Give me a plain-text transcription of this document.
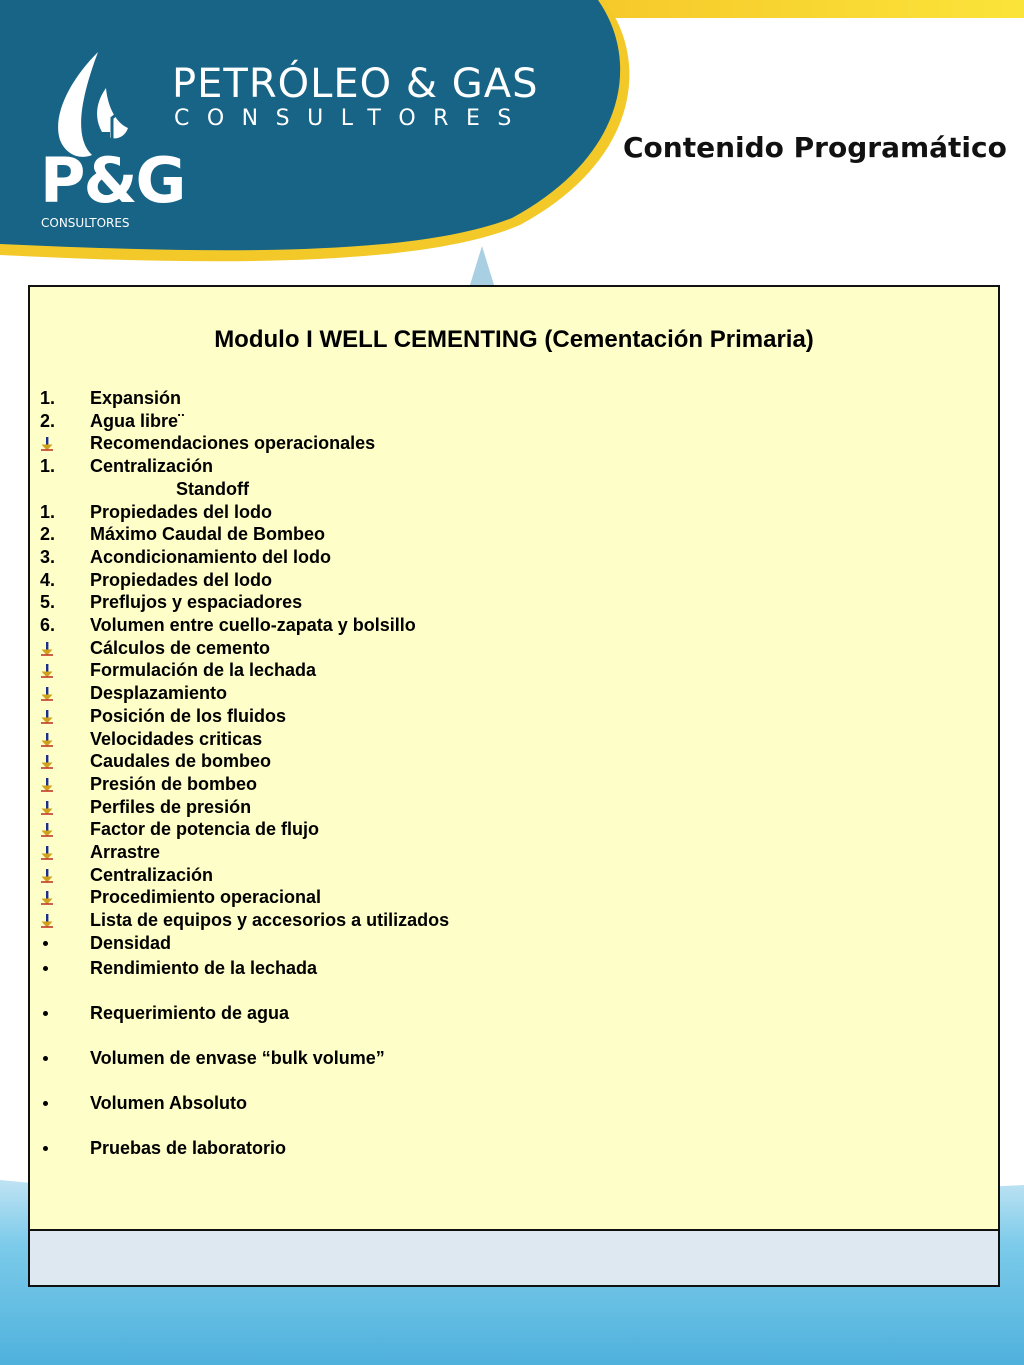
PETRÓLEO & GAS
CONSULTORES
P&G
CONSULTORES
Contenido Programático
Modulo I WELL CEMENTING (Cementación Primaria)
1.	Expansión
2.	Agua libre¨
Recomendaciones operacionales
1.	Centralización
Standoff
1.	Propiedades del lodo
2.	Máximo Caudal de Bombeo
3.	Acondicionamiento del lodo
4.	Propiedades del lodo
5.	Preflujos y espaciadores
6.	Volumen entre cuello-zapata y bolsillo
Cálculos de cemento
Formulación de la lechada
Desplazamiento
Posición de los fluidos
Velocidades criticas
Caudales de bombeo
Presión de bombeo
Perfiles de presión
Factor de potencia de flujo
Arrastre
Centralización
Procedimiento operacional
Lista de equipos y accesorios a utilizados
Densidad
Rendimiento de la lechada
Requerimiento de agua
Volumen de envase “bulk volume”
Volumen Absoluto
Pruebas de laboratorio
